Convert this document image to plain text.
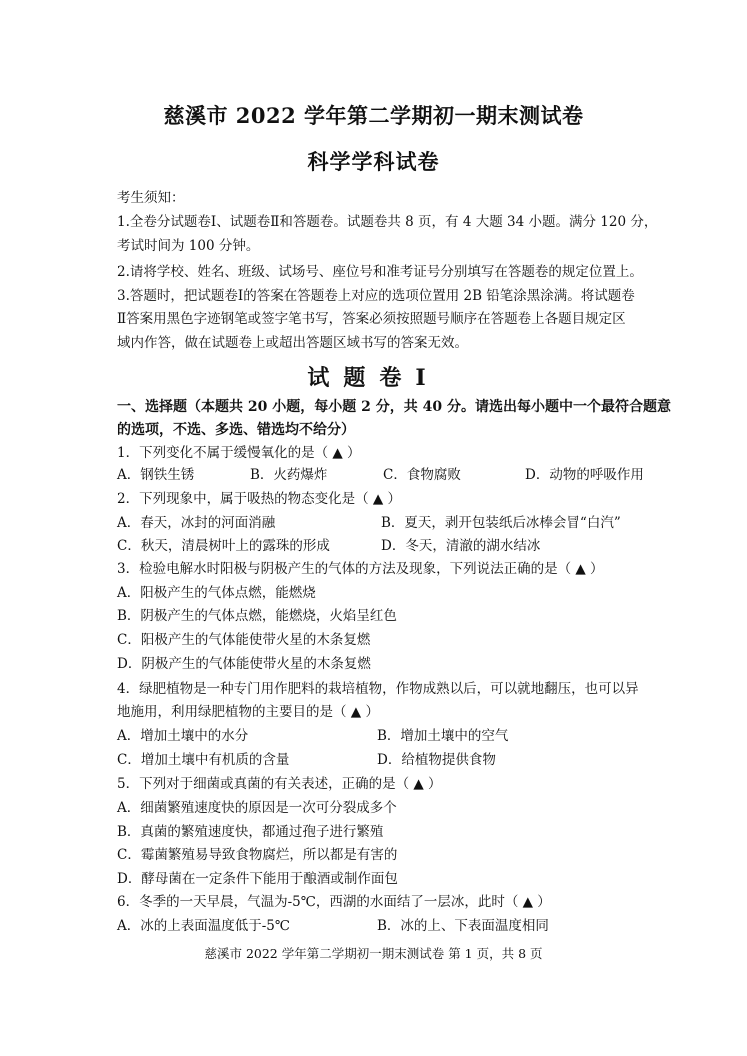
慈溪市 2022 学年第二学期初一期末测试卷
科学学科试卷
考生须知：
1.全卷分试题卷Ⅰ、试题卷Ⅱ和答题卷。试题卷共 8 页，有 4 大题 34 小题。满分 120 分，
考试时间为 100 分钟。
2.请将学校、姓名、班级、试场号、座位号和准考证号分别填写在答题卷的规定位置上。
3.答题时，把试题卷Ⅰ的答案在答题卷上对应的选项位置用 2B 铅笔涂黑涂满。将试题卷
Ⅱ答案用黑色字迹钢笔或签字笔书写，答案必须按照题号顺序在答题卷上各题目规定区
域内作答，做在试题卷上或超出答题区域书写的答案无效。
试题卷Ⅰ
一、选择题（本题共 20 小题，每小题 2 分，共 40 分。请选出每小题中一个最符合题意
的选项，不选、多选、错选均不给分）
1．下列变化不属于缓慢氧化的是（ ▲ ）
A．钢铁生锈	B．火药爆炸	C．食物腐败	D．动物的呼吸作用
2．下列现象中，属于吸热的物态变化是（ ▲ ）
A．春天，冰封的河面消融	B．夏天，剥开包装纸后冰棒会冒“白汽”
C．秋天，清晨树叶上的露珠的形成	D．冬天，清澈的湖水结冰
3．检验电解水时阳极与阴极产生的气体的方法及现象，下列说法正确的是（ ▲ ）
A．阳极产生的气体点燃，能燃烧
B．阴极产生的气体点燃，能燃烧，火焰呈红色
C．阳极产生的气体能使带火星的木条复燃
D．阴极产生的气体能使带火星的木条复燃
4．绿肥植物是一种专门用作肥料的栽培植物，作物成熟以后，可以就地翻压，也可以异
地施用，利用绿肥植物的主要目的是（ ▲ ）
A．增加土壤中的水分	B．增加土壤中的空气
C．增加土壤中有机质的含量	D．给植物提供食物
5．下列对于细菌或真菌的有关表述，正确的是（ ▲ ）
A．细菌繁殖速度快的原因是一次可分裂成多个
B．真菌的繁殖速度快，都通过孢子进行繁殖
C．霉菌繁殖易导致食物腐烂，所以都是有害的
D．酵母菌在一定条件下能用于酿酒或制作面包
6．冬季的一天早晨，气温为-5℃，西湖的水面结了一层冰，此时（ ▲ ）
A．冰的上表面温度低于-5℃	B．冰的上、下表面温度相同
慈溪市 2022 学年第二学期初一期末测试卷 第 1 页，共 8 页
